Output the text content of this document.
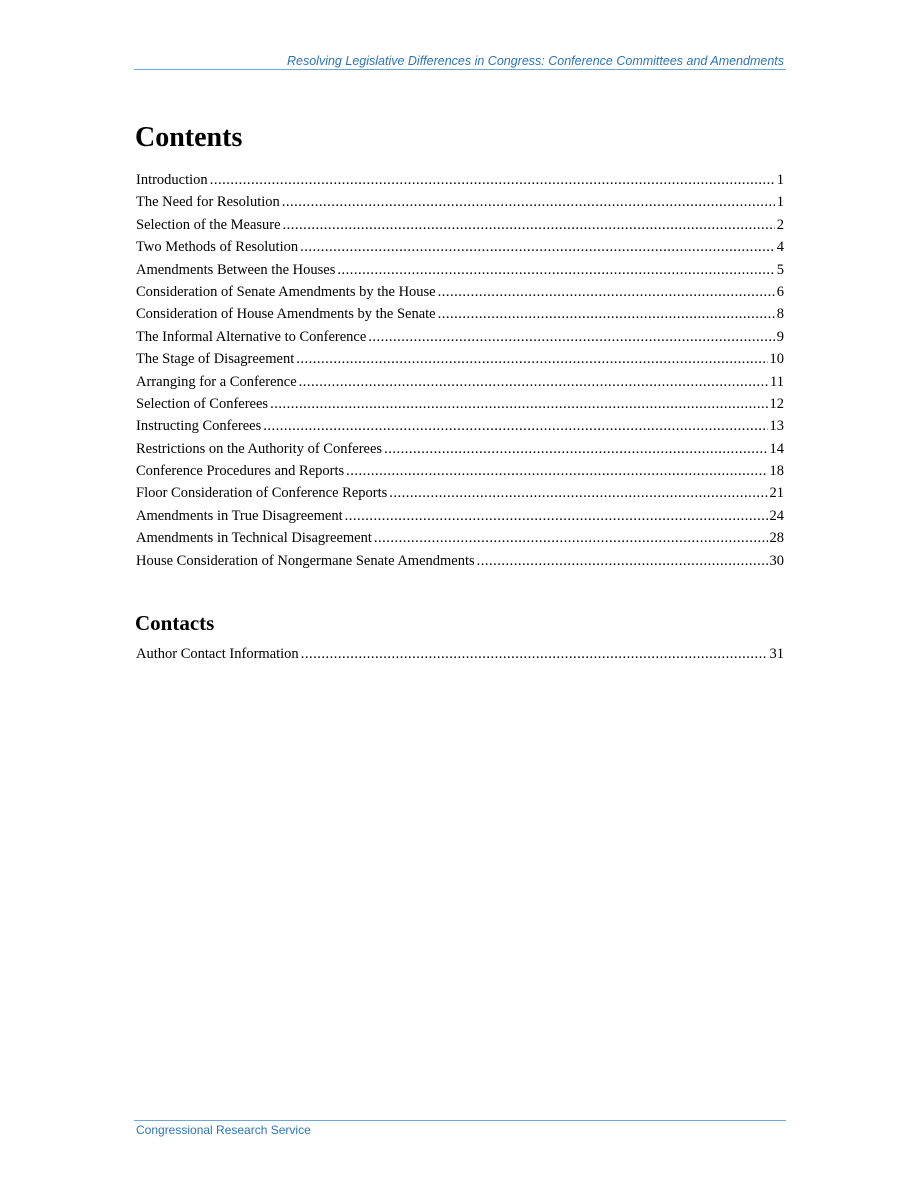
Resolving Legislative Differences in Congress: Conference Committees and Amendments
Contents
Introduction .....	1
The Need for Resolution .....	1
Selection of the Measure .....	2
Two Methods of Resolution .....	4
Amendments Between the Houses .....	5
Consideration of Senate Amendments by the House .....	6
Consideration of House Amendments by the Senate .....	8
The Informal Alternative to Conference .....	9
The Stage of Disagreement .....	10
Arranging for a Conference .....	11
Selection of Conferees .....	12
Instructing Conferees .....	13
Restrictions on the Authority of Conferees .....	14
Conference Procedures and Reports .....	18
Floor Consideration of Conference Reports .....	21
Amendments in True Disagreement .....	24
Amendments in Technical Disagreement .....	28
House Consideration of Nongermane Senate Amendments .....	30
Contacts
Author Contact Information .....	31
Congressional Research Service
